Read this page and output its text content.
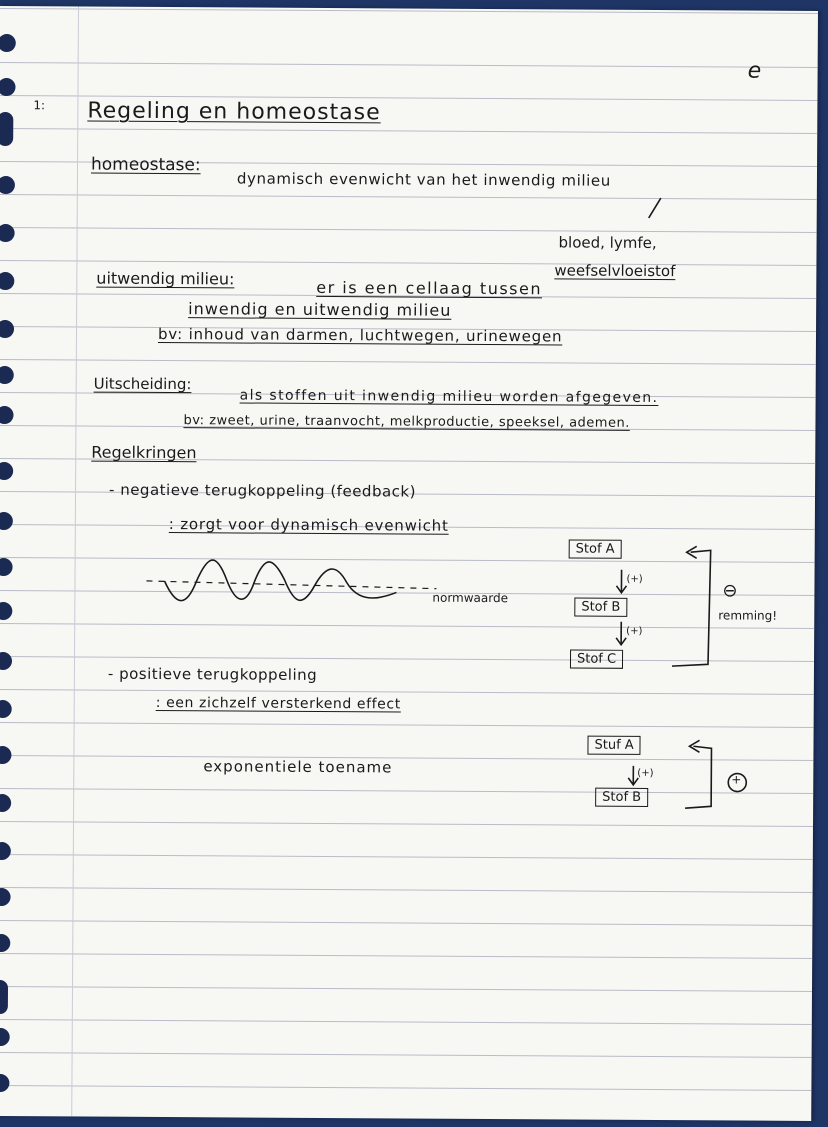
1: Regeling en homeostase
e
homeostase:
dynamisch evenwicht van het inwendig milieu
bloed, lymfe,
weefselvloeistof
uitwendig milieu:	er is een cellaag tussen
inwendig en uitwendig milieu
bv: inhoud van darmen, luchtwegen, urinewegen
Uitscheiding:
als stoffen uit inwendig milieu worden afgegeven.
bv: zweet, urine, traanvocht, melkproductie, speeksel, ademen.
Regelkringen
- negatieve terugkoppeling (feedback)
: zorgt voor dynamisch evenwicht
normwaarde
Stof A
Stof B
Stof C
(+)
(+)
⊖
remming!
- positieve terugkoppeling
: een zichzelf versterkend effect
exponentiele toename
Stuf A
Stof B
(+)	+
